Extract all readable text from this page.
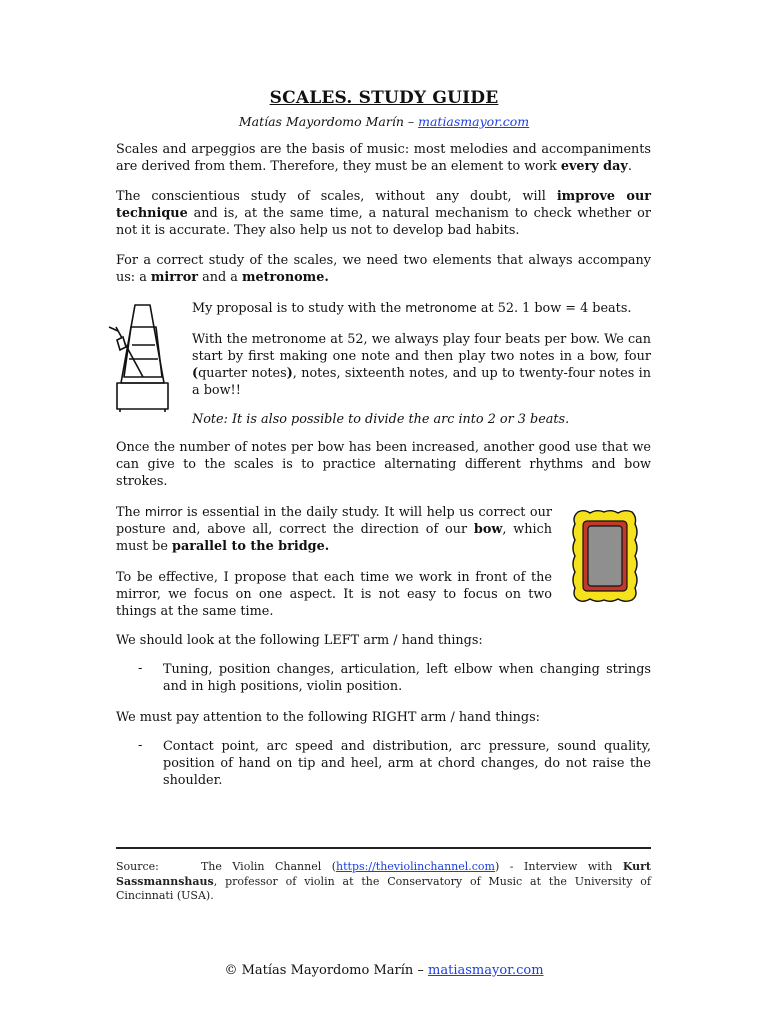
SCALES. STUDY GUIDE
Matías Mayordomo Marín – matiasmayor.com

Scales and arpeggios are the basis of music: most melodies and accompaniments are derived from them. Therefore, they must be an element to work every day.

The conscientious study of scales, without any doubt, will improve our technique and is, at the same time, a natural mechanism to check whether or not it is accurate. They also help us not to develop bad habits.

For a correct study of the scales, we need two elements that always accompany us: a mirror and a metronome.

My proposal is to study with the metronome at 52. 1 bow = 4 beats.

With the metronome at 52, we always play four beats per bow. We can start by first making one note and then play two notes in a bow, four (quarter notes), notes, sixteenth notes, and up to twenty-four notes in a bow!!

Note: It is also possible to divide the arc into 2 or 3 beats.

Once the number of notes per bow has been increased, another good use that we can give to the scales is to practice alternating different rhythms and bow strokes.

The mirror is essential in the daily study. It will help us correct our posture and, above all, correct the direction of our bow, which must be parallel to the bridge.

To be effective, I propose that each time we work in front of the mirror, we focus on one aspect. It is not easy to focus on two things at the same time.

We should look at the following LEFT arm / hand things:

- Tuning, position changes, articulation, left elbow when changing strings and in high positions, violin position.

We must pay attention to the following RIGHT arm / hand things:

- Contact point, arc speed and distribution, arc pressure, sound quality, position of hand on tip and heel, arm at chord changes, do not raise the shoulder.

Source:    The Violin Channel (https://theviolinchannel.com) - Interview with Kurt Sassmannshaus, professor of violin at the Conservatory of Music at the University of Cincinnati (USA).

© Matías Mayordomo Marín – matiasmayor.com
